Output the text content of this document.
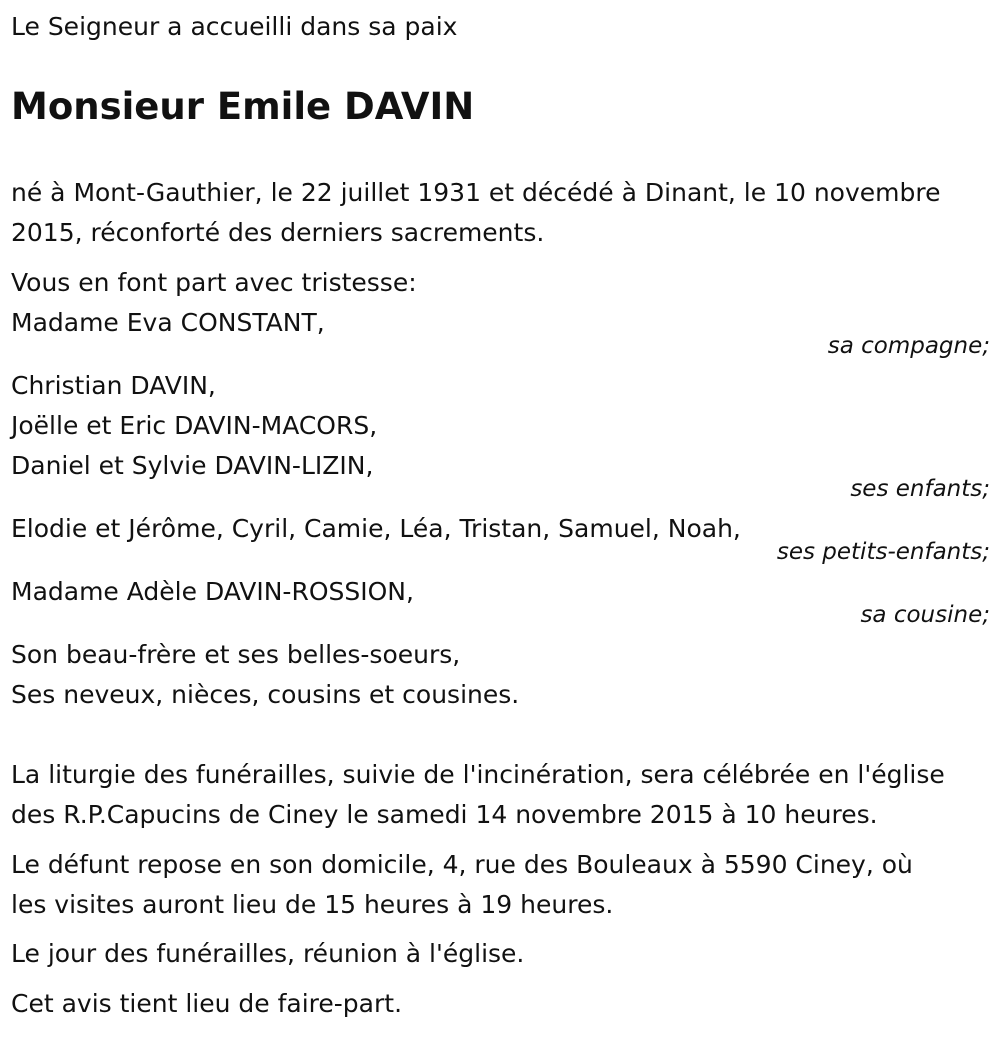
Le Seigneur a accueilli dans sa paix
Monsieur Emile DAVIN
né à Mont-Gauthier, le 22 juillet 1931 et décédé à Dinant, le 10 novembre
2015, réconforté des derniers sacrements.
Vous en font part avec tristesse:
Madame Eva CONSTANT,
sa compagne;
Christian DAVIN,
Joëlle et Eric DAVIN-MACORS,
Daniel et Sylvie DAVIN-LIZIN,
ses enfants;
Elodie et Jérôme, Cyril, Camie, Léa, Tristan, Samuel, Noah,
ses petits-enfants;
Madame Adèle DAVIN-ROSSION,
sa cousine;
Son beau-frère et ses belles-soeurs,
Ses neveux, nièces, cousins et cousines.
La liturgie des funérailles, suivie de l'incinération, sera célébrée en l'église
des R.P.Capucins de Ciney le samedi 14 novembre 2015 à 10 heures.
Le défunt repose en son domicile, 4, rue des Bouleaux à 5590 Ciney, où
les visites auront lieu de 15 heures à 19 heures.
Le jour des funérailles, réunion à l'église.
Cet avis tient lieu de faire-part.
